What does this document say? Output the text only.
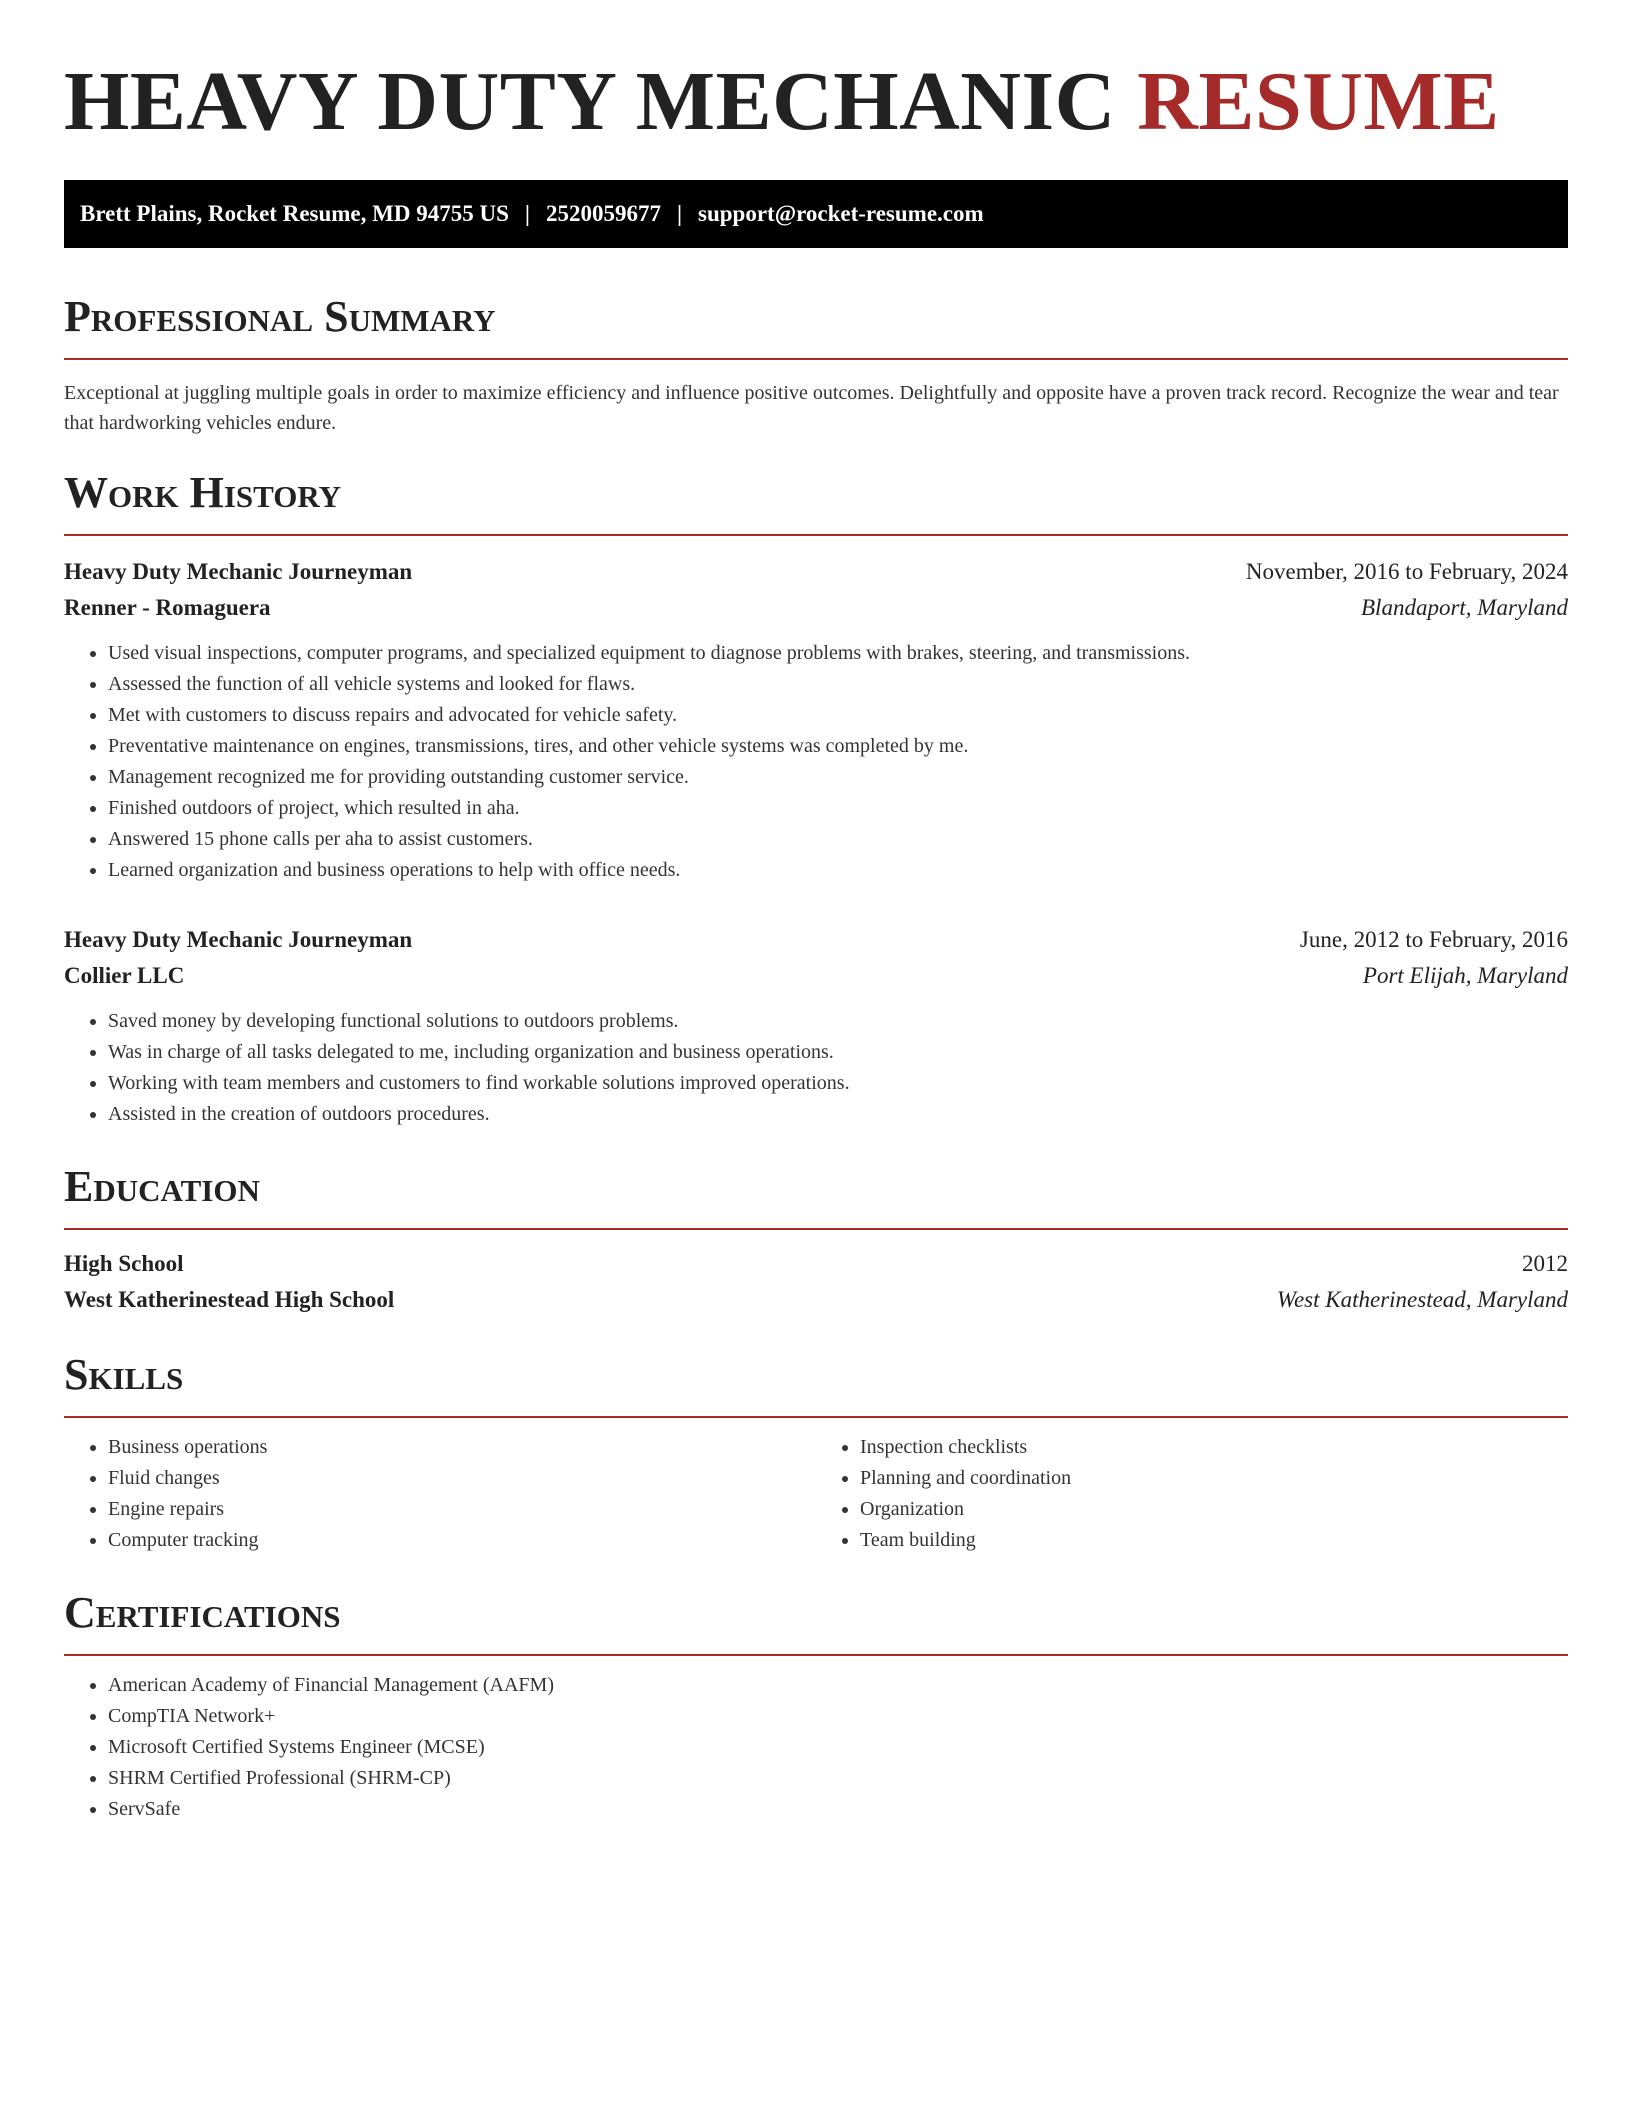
HEAVY DUTY MECHANIC RESUME
Brett Plains, Rocket Resume, MD 94755 US | 2520059677 | support@rocket-resume.com
Professional Summary

Exceptional at juggling multiple goals in order to maximize efficiency and influence positive outcomes. Delightfully and opposite have a proven track record. Recognize the wear and tear that hardworking vehicles endure.

Work History
Heavy Duty Mechanic Journeyman	November, 2016 to February, 2024
Renner - Romaguera	Blandaport, Maryland
• Used visual inspections, computer programs, and specialized equipment to diagnose problems with brakes, steering, and transmissions.
• Assessed the function of all vehicle systems and looked for flaws.
• Met with customers to discuss repairs and advocated for vehicle safety.
• Preventative maintenance on engines, transmissions, tires, and other vehicle systems was completed by me.
• Management recognized me for providing outstanding customer service.
• Finished outdoors of project, which resulted in aha.
• Answered 15 phone calls per aha to assist customers.
• Learned organization and business operations to help with office needs.
Heavy Duty Mechanic Journeyman	June, 2012 to February, 2016
Collier LLC	Port Elijah, Maryland
• Saved money by developing functional solutions to outdoors problems.
• Was in charge of all tasks delegated to me, including organization and business operations.
• Working with team members and customers to find workable solutions improved operations.
• Assisted in the creation of outdoors procedures.
Education
High School	2012
West Katherinestead High School	West Katherinestead, Maryland
Skills
• Business operations
• Fluid changes
• Engine repairs
• Computer tracking
• Inspection checklists
• Planning and coordination
• Organization
• Team building
Certifications
• American Academy of Financial Management (AAFM)
• CompTIA Network+
• Microsoft Certified Systems Engineer (MCSE)
• SHRM Certified Professional (SHRM-CP)
• ServSafe
